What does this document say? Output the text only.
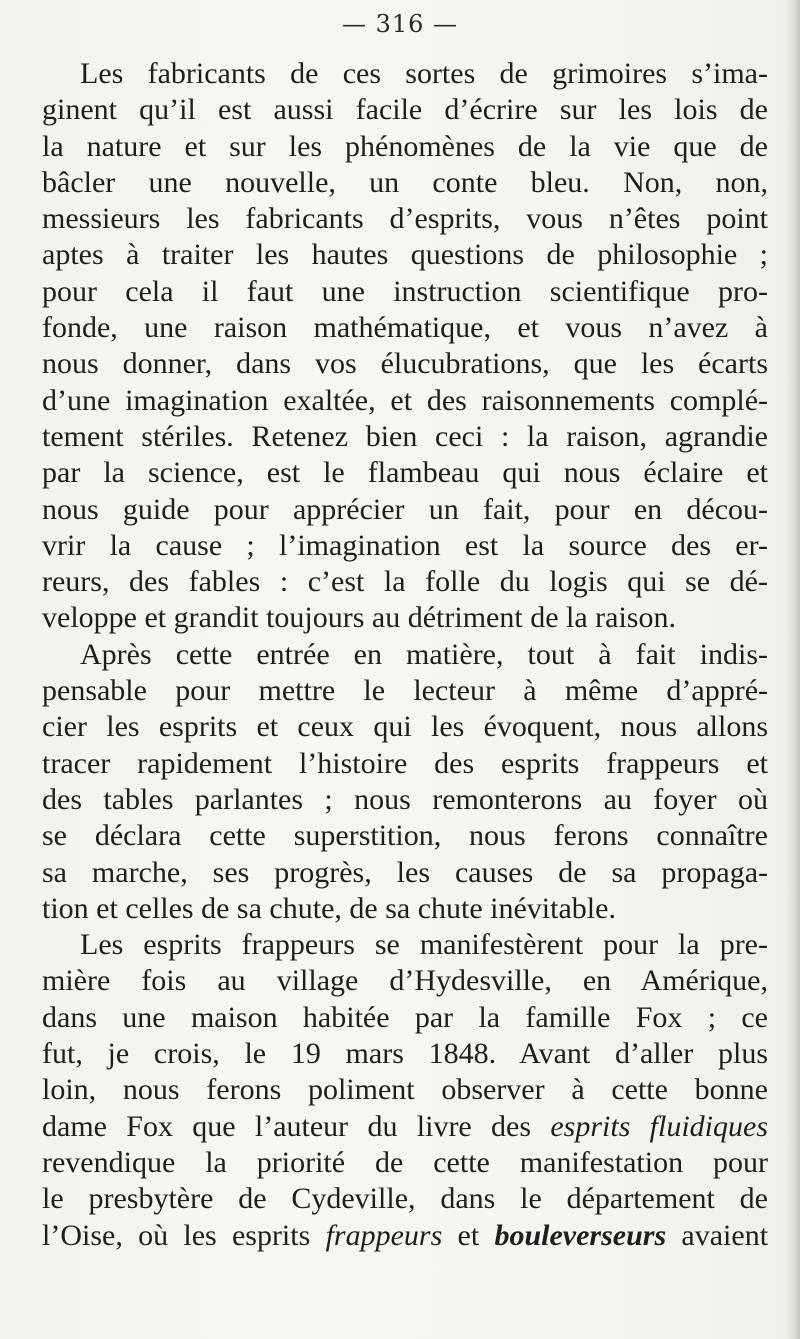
— 316 —
Les fabricants de ces sortes de grimoires s’ima-
ginent qu’il est aussi facile d’écrire sur les lois de
la nature et sur les phénomènes de la vie que de
bâcler une nouvelle, un conte bleu. Non, non,
messieurs les fabricants d’esprits, vous n’êtes point
aptes à traiter les hautes questions de philosophie ;
pour cela il faut une instruction scientifique pro-
fonde, une raison mathématique, et vous n’avez à
nous donner, dans vos élucubrations, que les écarts
d’une imagination exaltée, et des raisonnements complé-
tement stériles. Retenez bien ceci : la raison, agrandie
par la science, est le flambeau qui nous éclaire et
nous guide pour apprécier un fait, pour en décou-
vrir la cause ; l’imagination est la source des er-
reurs, des fables : c’est la folle du logis qui se dé-
veloppe et grandit toujours au détriment de la raison.
Après cette entrée en matière, tout à fait indis-
pensable pour mettre le lecteur à même d’appré-
cier les esprits et ceux qui les évoquent, nous allons
tracer rapidement l’histoire des esprits frappeurs et
des tables parlantes ; nous remonterons au foyer où
se déclara cette superstition, nous ferons connaître
sa marche, ses progrès, les causes de sa propaga-
tion et celles de sa chute, de sa chute inévitable.
Les esprits frappeurs se manifestèrent pour la pre-
mière fois au village d’Hydesville, en Amérique,
dans une maison habitée par la famille Fox ; ce
fut, je crois, le 19 mars 1848. Avant d’aller plus
loin, nous ferons poliment observer à cette bonne
dame Fox que l’auteur du livre des esprits fluidiques
revendique la priorité de cette manifestation pour
le presbytère de Cydeville, dans le département de
l’Oise, où les esprits frappeurs et bouleverseurs avaient
